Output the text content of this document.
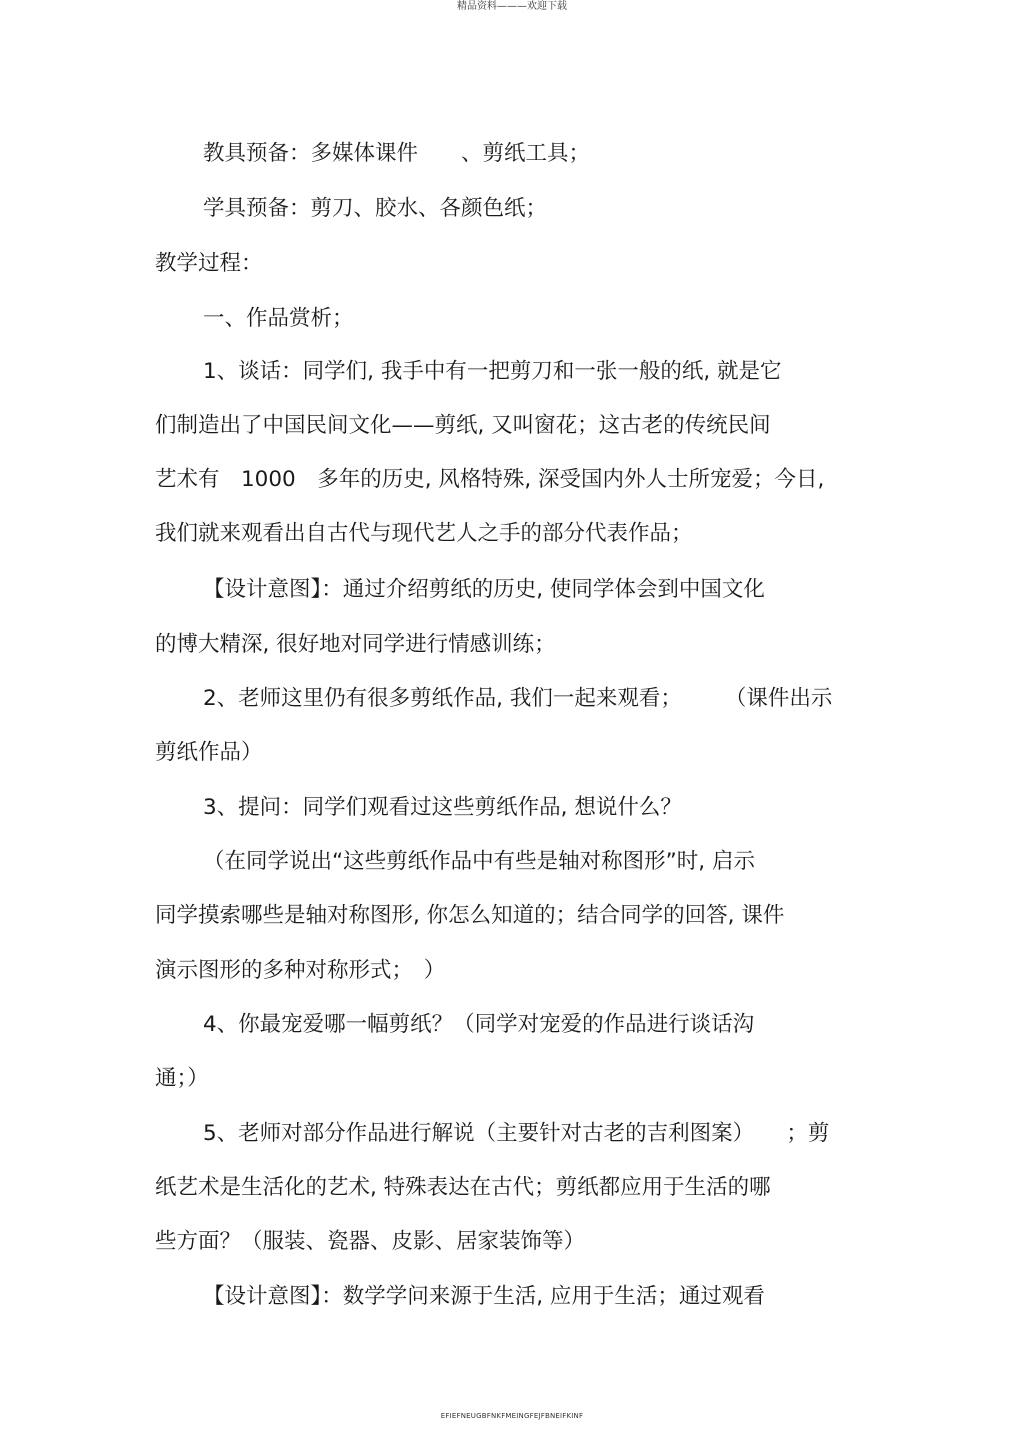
精品资料———欢迎下载
教具预备：多媒体课件　　、剪纸工具；
学具预备：剪刀、胶水、各颜色纸；
教学过程：
一、作品赏析；
1、谈话：同学们, 我手中有一把剪刀和一张一般的纸, 就是它
们制造出了中国民间文化——剪纸, 又叫窗花；这古老的传统民间
艺术有　1000　多年的历史, 风格特殊, 深受国内外人士所宠爱；今日,
我们就来观看出自古代与现代艺人之手的部分代表作品；
【设计意图】：通过介绍剪纸的历史, 使同学体会到中国文化
的博大精深, 很好地对同学进行情感训练；
2、老师这里仍有很多剪纸作品, 我们一起来观看；　　　（课件出示
剪纸作品）
3、提问：同学们观看过这些剪纸作品, 想说什么？
（在同学说出“这些剪纸作品中有些是轴对称图形”时, 启示
同学摸索哪些是轴对称图形, 你怎么知道的；结合同学的回答, 课件
演示图形的多种对称形式；　）
4、你最宠爱哪一幅剪纸？（同学对宠爱的作品进行谈话沟
通；）
5、老师对部分作品进行解说（主要针对古老的吉利图案）　　；剪
纸艺术是生活化的艺术, 特殊表达在古代；剪纸都应用于生活的哪
些方面？（服装、瓷器、皮影、居家装饰等）
【设计意图】：数学学问来源于生活, 应用于生活；通过观看
EFIEFNEUGBFNKFMEINGFEJFBNEIFKINF
